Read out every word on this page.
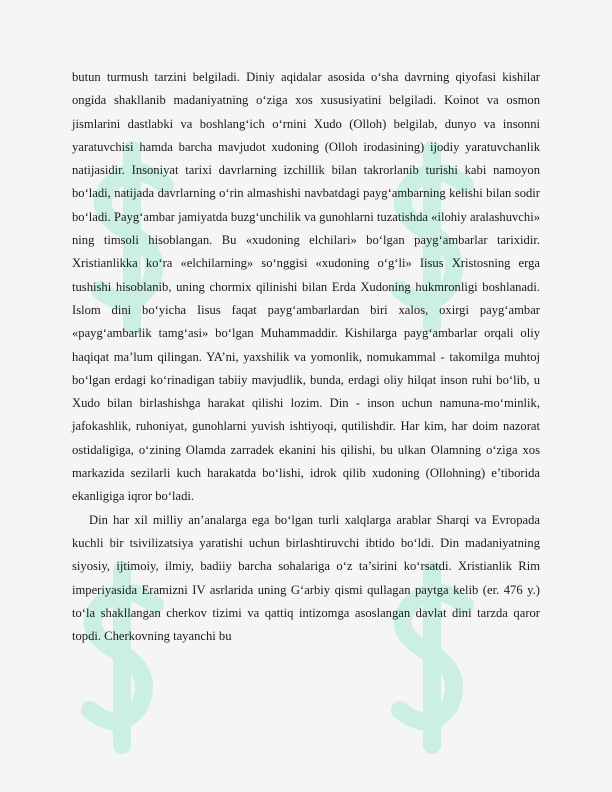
butun turmush tarzini belgiladi. Diniy aqidalar asosida o‘sha davrning qiyofasi kishilar ongida shakllanib madaniyatning o‘ziga xos xususiyatini belgiladi. Koinot va osmon jismlarini dastlabki va boshlang‘ich o‘rnini Xudo (Olloh) belgilab, dunyo va insonni yaratuvchisi hamda barcha mavjudot xudoning (Olloh irodasining) ijodiy yaratuvchanlik natijasidir. Insoniyat tarixi davrlarning izchillik bilan takrorlanib turishi kabi namoyon bo‘ladi, natijada davrlarning o‘rin almashishi navbatdagi payg‘ambarning kelishi bilan sodir bo‘ladi. Payg‘ambar jamiyatda buzg‘unchilik va gunohlarni tuzatishda «ilohiy aralashuvchi» ning timsoli hisoblangan. Bu «xudoning elchilari» bo‘lgan payg‘ambarlar tarixidir. Xristianlikka ko‘ra «elchilarning» so‘nggisi «xudoning o‘g‘li» Iisus Xristosning erga tushishi hisoblanib, uning chormix qilinishi bilan Erda Xudoning hukmronligi boshlanadi. Islom dini bo‘yicha Iisus faqat payg‘ambarlardan biri xalos, oxirgi payg‘ambar «payg‘ambarlik tamg‘asi» bo‘lgan Muhammaddir. Kishilarga payg‘ambarlar orqali oliy haqiqat ma’lum qilingan. YA’ni, yaxshilik va yomonlik, nomukammal - takomilga muhtoj bo‘lgan erdagi ko‘rinadigan tabiiy mavjudlik, bunda, erdagi oliy hilqat inson ruhi bo‘lib, u Xudo bilan birlashishga harakat qilishi lozim. Din - inson uchun namuna-mo‘minlik, jafokashlik, ruhoniyat, gunohlarni yuvish ishtiyoqi, qutilishdir. Har kim, har doim nazorat ostidaligiga, o‘zining Olamda zarradek ekanini his qilishi, bu ulkan Olamning o‘ziga xos markazida sezilarli kuch harakatda bo‘lishi, idrok qilib xudoning (Ollohning) e’tiborida ekanligiga iqror bo‘ladi.

Din har xil milliy an’analarga ega bo‘lgan turli xalqlarga arablar Sharqi va Evropada kuchli bir tsivilizatsiya yaratishi uchun birlashtiruvchi ibtido bo‘ldi. Din madaniyatning siyosiy, ijtimoiy, ilmiy, badiiy barcha sohalariga o‘z ta’sirini ko‘rsatdi. Xristianlik Rim imperiyasida Eramizni IV asrlarida uning G‘arbiy qismi qullagan paytga kelib (er. 476 y.) to‘la shakllangan cherkov tizimi va qattiq intizomga asoslangan davlat dini tarzda qaror topdi. Cherkovning tayanchi bu
